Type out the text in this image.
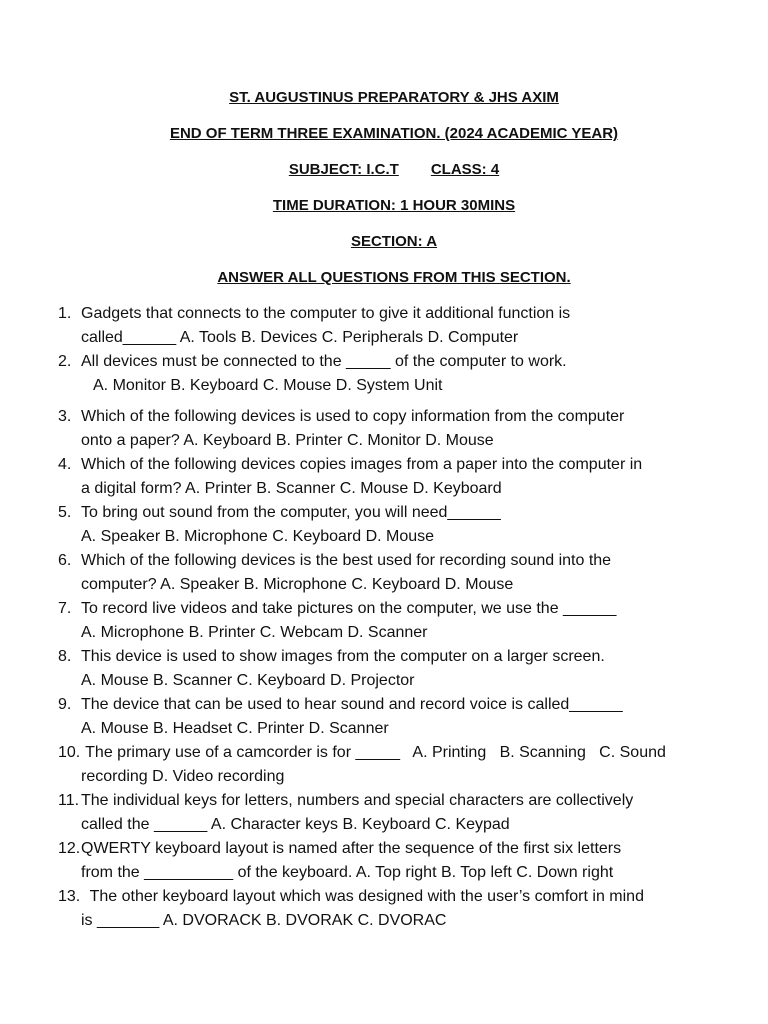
ST. AUGUSTINUS PREPARATORY & JHS AXIM
END OF TERM THREE EXAMINATION. (2024 ACADEMIC YEAR)
SUBJECT: I.C.T CLASS: 4
TIME DURATION: 1 HOUR 30MINS
SECTION: A
ANSWER ALL QUESTIONS FROM THIS SECTION.
1. Gadgets that connects to the computer to give it additional function is
called______ A. Tools B. Devices C. Peripherals D. Computer
2. All devices must be connected to the _____ of the computer to work.
A. Monitor B. Keyboard C. Mouse D. System Unit
3. Which of the following devices is used to copy information from the computer
onto a paper? A. Keyboard B. Printer C. Monitor D. Mouse
4. Which of the following devices copies images from a paper into the computer in
a digital form? A. Printer B. Scanner C. Mouse D. Keyboard
5. To bring out sound from the computer, you will need______
A. Speaker B. Microphone C. Keyboard D. Mouse
6. Which of the following devices is the best used for recording sound into the
computer? A. Speaker B. Microphone C. Keyboard D. Mouse
7. To record live videos and take pictures on the computer, we use the ______
A. Microphone B. Printer C. Webcam D. Scanner
8. This device is used to show images from the computer on a larger screen.
A. Mouse B. Scanner C. Keyboard D. Projector
9. The device that can be used to hear sound and record voice is called______
A. Mouse B. Headset C. Printer D. Scanner
10. The primary use of a camcorder is for _____   A. Printing   B. Scanning   C. Sound
recording D. Video recording
11. The individual keys for letters, numbers and special characters are collectively
called the ______ A. Character keys B. Keyboard C. Keypad
12. QWERTY keyboard layout is named after the sequence of the first six letters
from the __________ of the keyboard. A. Top right B. Top left C. Down right
13. The other keyboard layout which was designed with the user’s comfort in mind
is _______ A. DVORACK B. DVORAK C. DVORAC
